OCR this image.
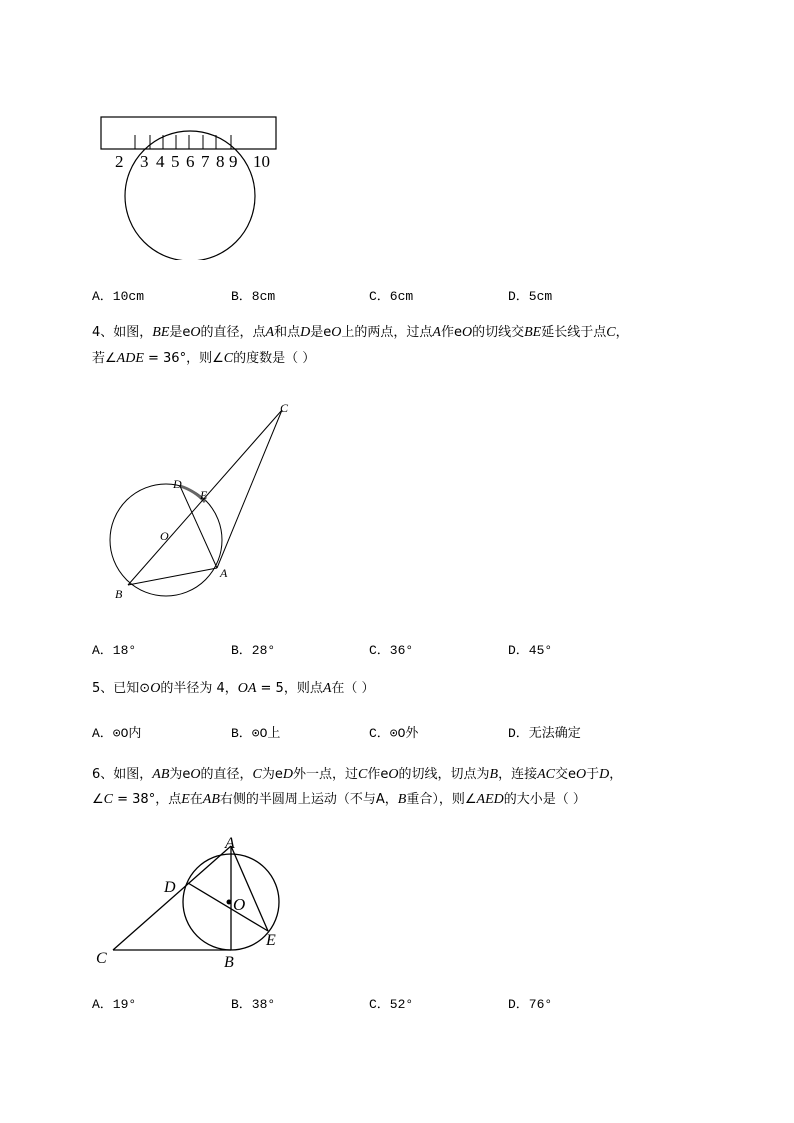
2 3 4 5 6 7 8 9 10
A．10cm	B．8cm	C．6cm	D．5cm
4、如图，BE是eO的直径，点A和点D是eO上的两点，过点A作eO的切线交BE延长线于点C，
若∠ADE = 36°，则∠C的度数是（ ）
C
D
E
O
A
B
A．18°	B．28°	C．36°	D．45°
5、已知⊙O的半径为 4，OA = 5，则点A在（ ）
A．⊙O内	B．⊙O上	C．⊙O外	D．无法确定
6、如图，AB为eO的直径，C为eD外一点，过C作eO的切线，切点为B，连接AC交eO于D，
∠C = 38°，点E在AB右侧的半圆周上运动（不与A，B重合），则∠AED的大小是（ ）
A
D
O
E
C	B
A．19°	B．38°	C．52°	D．76°
